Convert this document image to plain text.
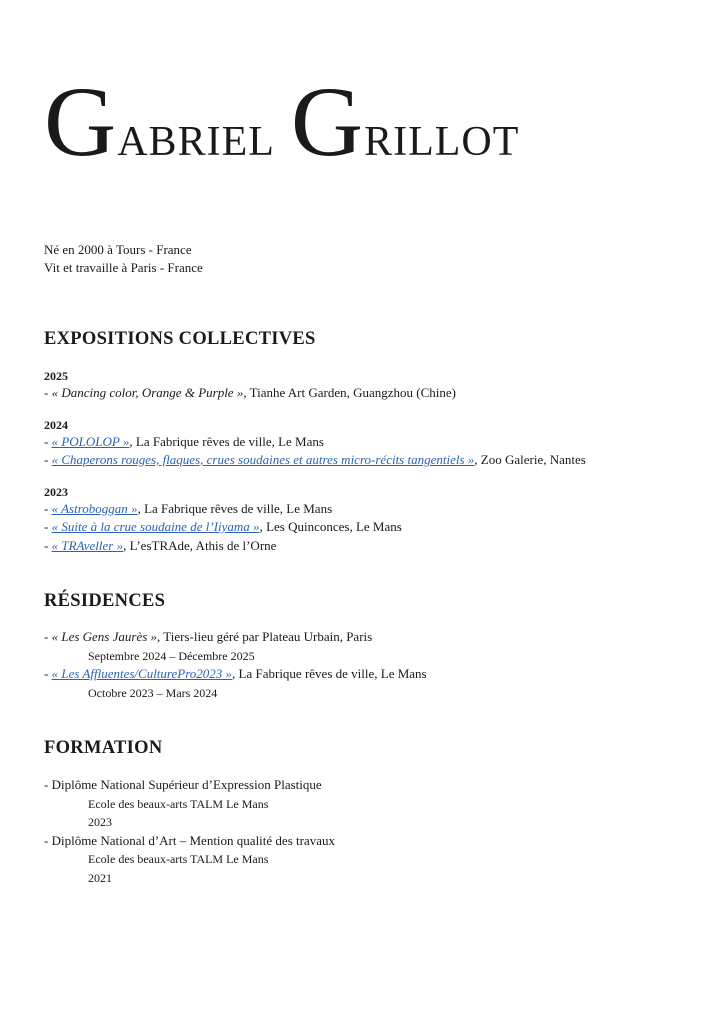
Gabriel Grillot
Né en 2000 à Tours - France
Vit et travaille à Paris - France
EXPOSITIONS COLLECTIVES
2025
- « Dancing color, Orange & Purple », Tianhe Art Garden, Guangzhou (Chine)
2024
- « POLOLOP », La Fabrique rêves de ville, Le Mans
- « Chaperons rouges, flaques, crues soudaines et autres micro-récits tangentiels », Zoo Galerie, Nantes
2023
- « Astroboggan », La Fabrique rêves de ville, Le Mans
- « Suite à la crue soudaine de l’Iiyama », Les Quinconces, Le Mans
- « TRAveller », L’esTRAde, Athis de l’Orne
RÉSIDENCES
- « Les Gens Jaurès », Tiers-lieu géré par Plateau Urbain, Paris
Septembre 2024 – Décembre 2025
- « Les Affluentes/CulturePro2023 », La Fabrique rêves de ville, Le Mans
Octobre 2023 – Mars 2024
FORMATION
- Diplôme National Supérieur d’Expression Plastique
Ecole des beaux-arts TALM Le Mans
2023
- Diplôme National d’Art – Mention qualité des travaux
Ecole des beaux-arts TALM Le Mans
2021
